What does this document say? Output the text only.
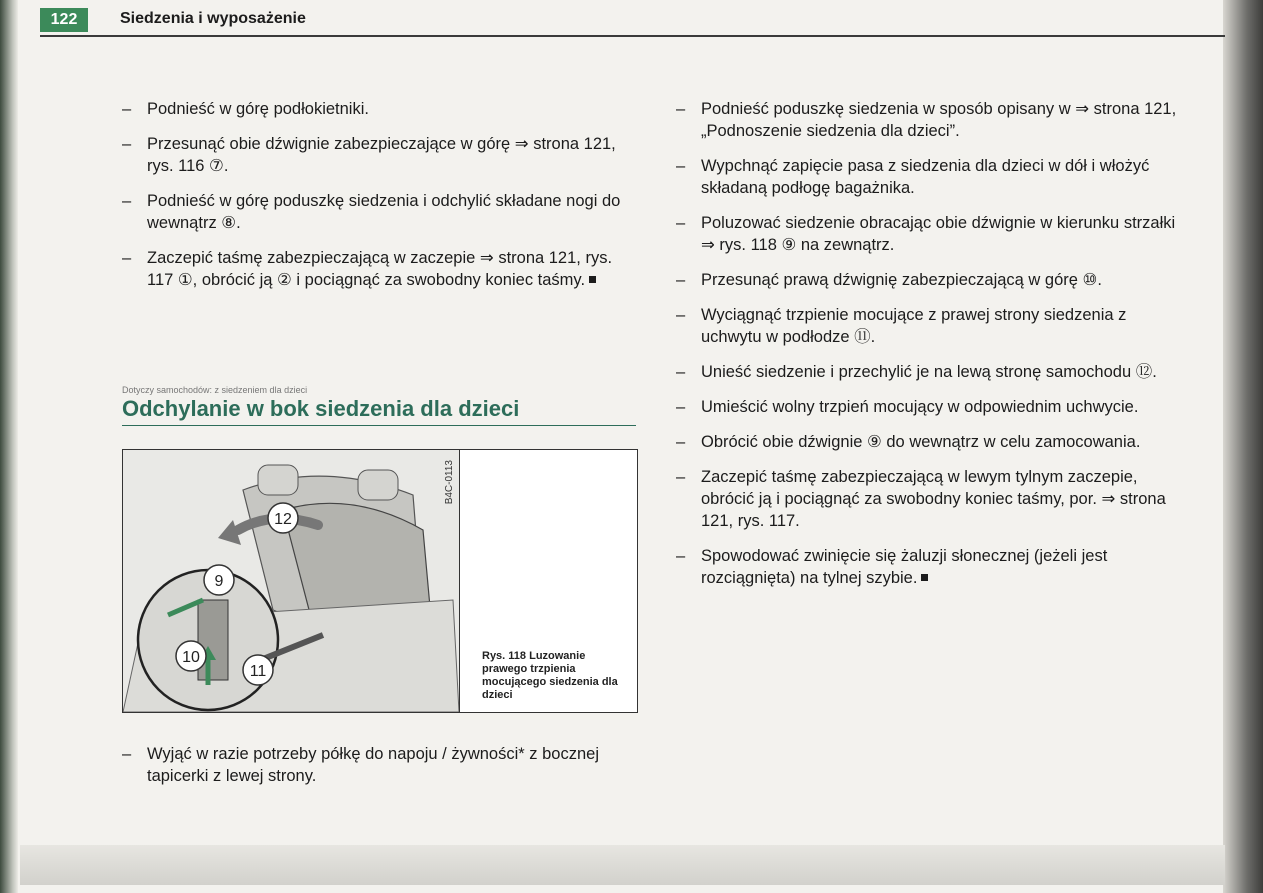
122	Siedzenia i wyposażenie
– Podnieść w górę podłokietniki.
– Przesunąć obie dźwignie zabezpieczające w górę ⇒ strona 121, rys. 116 ⑦.
– Podnieść w górę poduszkę siedzenia i odchylić składane nogi do wewnątrz ⑧.
– Zaczepić taśmę zabezpieczającą w zaczepie ⇒ strona 121, rys. 117 ①, obrócić ją ② i pociągnąć za swobodny koniec taśmy.
Dotyczy samochodów: z siedzeniem dla dzieci
Odchylanie w bok siedzenia dla dzieci
12
9
10
11
B4C-0113
Rys. 118 Luzowanie prawego trzpienia mocującego siedzenia dla dzieci
– Wyjąć w razie potrzeby półkę do napoju / żywności* z bocznej tapicerki z lewej strony.
– Podnieść poduszkę siedzenia w sposób opisany w ⇒ strona 121, „Podnoszenie siedzenia dla dzieci”.
– Wypchnąć zapięcie pasa z siedzenia dla dzieci w dół i włożyć składaną podłogę bagażnika.
– Poluzować siedzenie obracając obie dźwignie w kierunku strzałki ⇒ rys. 118 ⑨ na zewnątrz.
– Przesunąć prawą dźwignię zabezpieczającą w górę ⑩.
– Wyciągnąć trzpienie mocujące z prawej strony siedzenia z uchwytu w podłodze ⑪.
– Unieść siedzenie i przechylić je na lewą stronę samochodu ⑫.
– Umieścić wolny trzpień mocujący w odpowiednim uchwycie.
– Obrócić obie dźwignie ⑨ do wewnątrz w celu zamocowania.
– Zaczepić taśmę zabezpieczającą w lewym tylnym zaczepie, obrócić ją i pociągnąć za swobodny koniec taśmy, por. ⇒ strona 121, rys. 117.
– Spowodować zwinięcie się żaluzji słonecznej (jeżeli jest rozciągnięta) na tylnej szybie.
